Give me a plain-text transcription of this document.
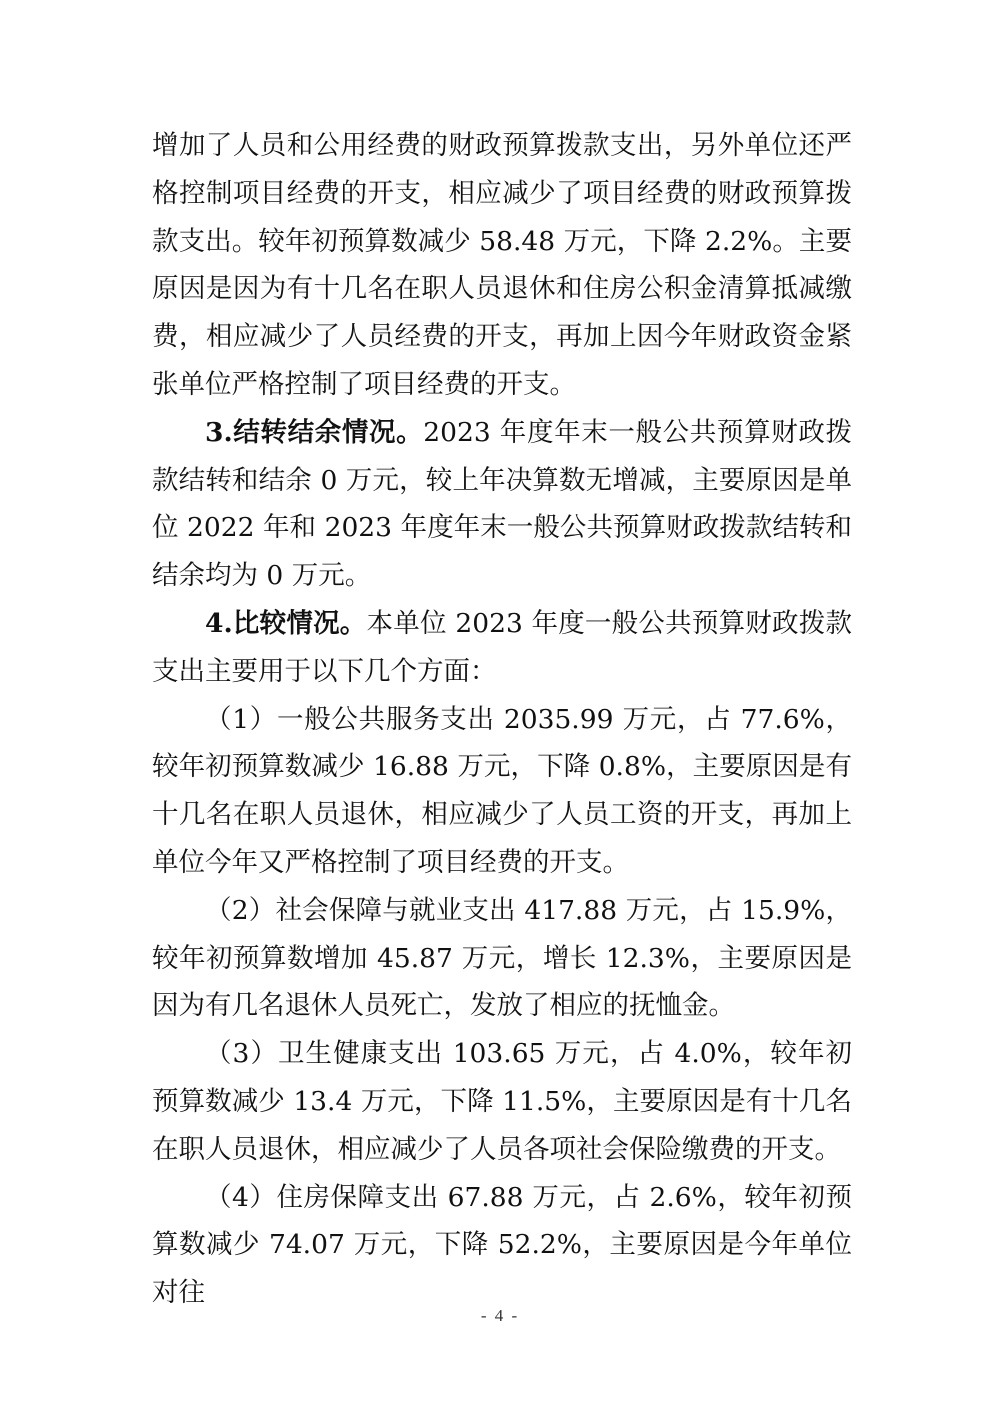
增加了人员和公用经费的财政预算拨款支出，另外单位还严格控制项目经费的开支，相应减少了项目经费的财政预算拨款支出。较年初预算数减少 58.48 万元，下降 2.2%。主要原因是因为有十几名在职人员退休和住房公积金清算抵减缴费，相应减少了人员经费的开支，再加上因今年财政资金紧张单位严格控制了项目经费的开支。

3.结转结余情况。2023 年度年末一般公共预算财政拨款结转和结余 0 万元，较上年决算数无增减，主要原因是单位 2022 年和 2023 年度年末一般公共预算财政拨款结转和结余均为 0 万元。

4.比较情况。本单位 2023 年度一般公共预算财政拨款支出主要用于以下几个方面：

（1）一般公共服务支出 2035.99 万元，占 77.6%，较年初预算数减少 16.88 万元，下降 0.8%，主要原因是有十几名在职人员退休，相应减少了人员工资的开支，再加上单位今年又严格控制了项目经费的开支。

（2）社会保障与就业支出 417.88 万元，占 15.9%，较年初预算数增加 45.87 万元，增长 12.3%，主要原因是因为有几名退休人员死亡，发放了相应的抚恤金。

（3）卫生健康支出 103.65 万元，占 4.0%，较年初预算数减少 13.4 万元，下降 11.5%，主要原因是有十几名在职人员退休，相应减少了人员各项社会保险缴费的开支。

（4）住房保障支出 67.88 万元，占 2.6%，较年初预算数减少 74.07 万元，下降 52.2%，主要原因是今年单位对往

- 4 -
